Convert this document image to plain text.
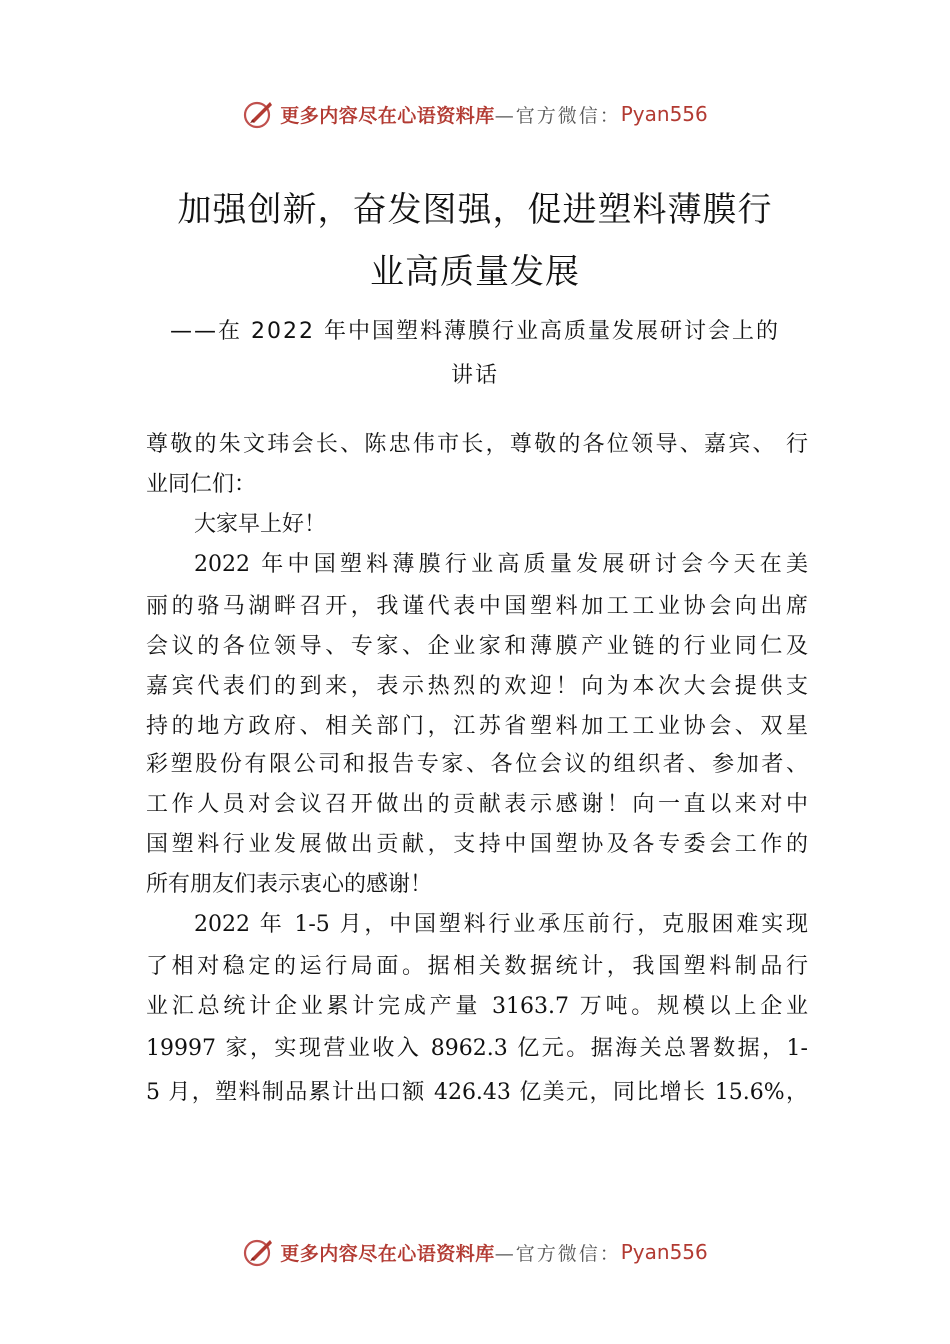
更多内容尽在心语资料库 —官方微信： Pyan556
加强创新，奋发图强，促进塑料薄膜行
业高质量发展
——在 2022 年中国塑料薄膜行业高质量发展研讨会上的
讲话
尊敬的朱文玮会长、陈忠伟市长，尊敬的各位领导、嘉宾、 行
业同仁们：
大家早上好！
2022 年中国塑料薄膜行业高质量发展研讨会今天在美
丽的骆马湖畔召开，我谨代表中国塑料加工工业协会向出席
会议的各位领导、专家、企业家和薄膜产业链的行业同仁及
嘉宾代表们的到来，表示热烈的欢迎！向为本次大会提供支
持的地方政府、相关部门，江苏省塑料加工工业协会、双星
彩塑股份有限公司和报告专家、各位会议的组织者、参加者、
工作人员对会议召开做出的贡献表示感谢！向一直以来对中
国塑料行业发展做出贡献，支持中国塑协及各专委会工作的
所有朋友们表示衷心的感谢！
2022 年 1-5 月，中国塑料行业承压前行，克服困难实现
了相对稳定的运行局面。据相关数据统计，我国塑料制品行
业汇总统计企业累计完成产量 3163.7 万吨。规模以上企业
19997 家，实现营业收入 8962.3 亿元。据海关总署数据，1-
5 月，塑料制品累计出口额 426.43 亿美元，同比增长 15.6%，
更多内容尽在心语资料库 —官方微信： Pyan556
